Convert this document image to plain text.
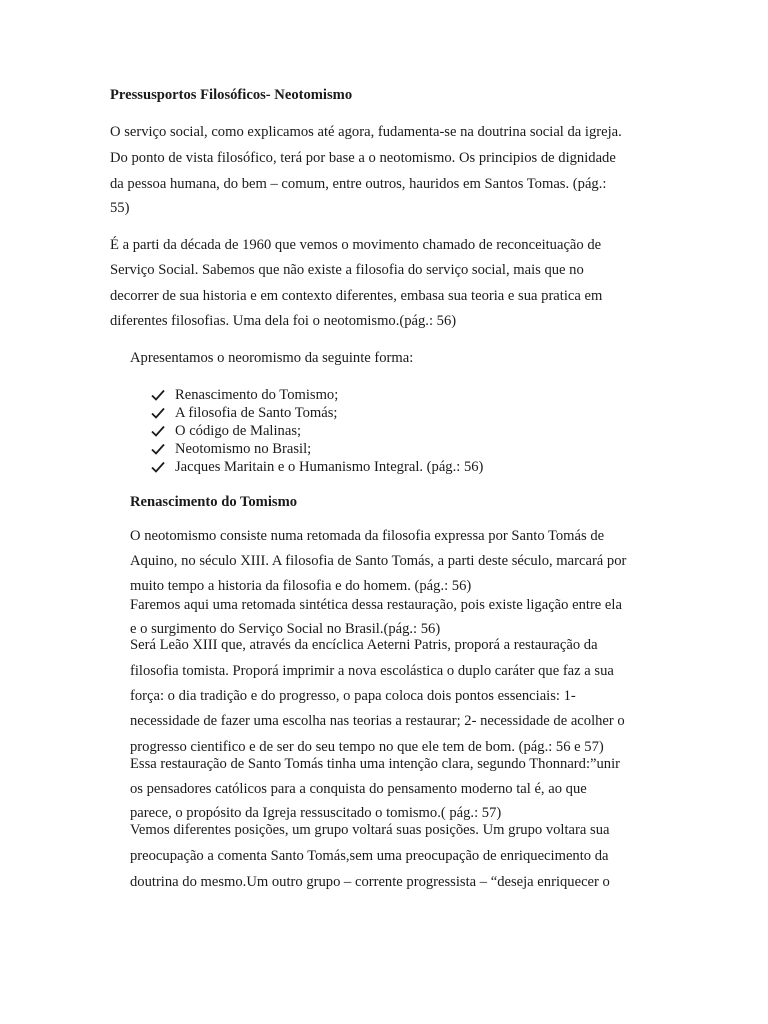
Pressusportos Filosóficos- Neotomismo
O serviço social, como explicamos até agora, fudamenta-se na doutrina social da igreja.
Do ponto de vista filosófico, terá por base a o neotomismo. Os principios de dignidade
da pessoa humana, do bem – comum, entre outros, hauridos em Santos Tomas. (pág.:
55)
É a parti da década de 1960 que vemos o movimento chamado de reconceituação de
Serviço Social. Sabemos que não existe a filosofia do serviço social, mais que no
decorrer de sua historia e em contexto diferentes, embasa sua teoria e sua pratica em
diferentes filosofias. Uma dela foi o neotomismo.(pág.: 56)
Apresentamos o neoromismo da seguinte forma:
Renascimento do Tomismo;
A filosofia de Santo Tomás;
O código de Malinas;
Neotomismo no Brasil;
Jacques Maritain e o Humanismo Integral. (pág.: 56)
Renascimento do Tomismo
O neotomismo consiste numa retomada da filosofia expressa por Santo Tomás de
Aquino, no século XIII. A filosofia de Santo Tomás, a parti deste século, marcará por
muito tempo a historia da filosofia e do homem. (pág.: 56)
Faremos aqui uma retomada sintética dessa restauração, pois existe ligação entre ela
e o surgimento do Serviço Social no Brasil.(pág.: 56)
Será Leão XIII que, através da encíclica Aeterni Patris, proporá a restauração da
filosofia tomista. Proporá imprimir a nova escolástica o duplo caráter que faz a sua
força: o dia tradição e do progresso, o papa coloca dois pontos essenciais: 1-
necessidade de fazer uma escolha nas teorias a restaurar; 2- necessidade de acolher o
progresso cientifico e de ser do seu tempo no que ele tem de bom. (pág.: 56 e 57)
Essa restauração de Santo Tomás tinha uma intenção clara, segundo Thonnard:”unir
os pensadores católicos para a conquista do pensamento moderno tal é, ao que
parece, o propósito da Igreja ressuscitado o tomismo.( pág.: 57)
Vemos diferentes posições, um grupo voltará suas posições. Um grupo voltara sua
preocupação a comenta Santo Tomás,sem uma preocupação de enriquecimento da
doutrina do mesmo.Um outro grupo – corrente progressista – “deseja enriquecer o
